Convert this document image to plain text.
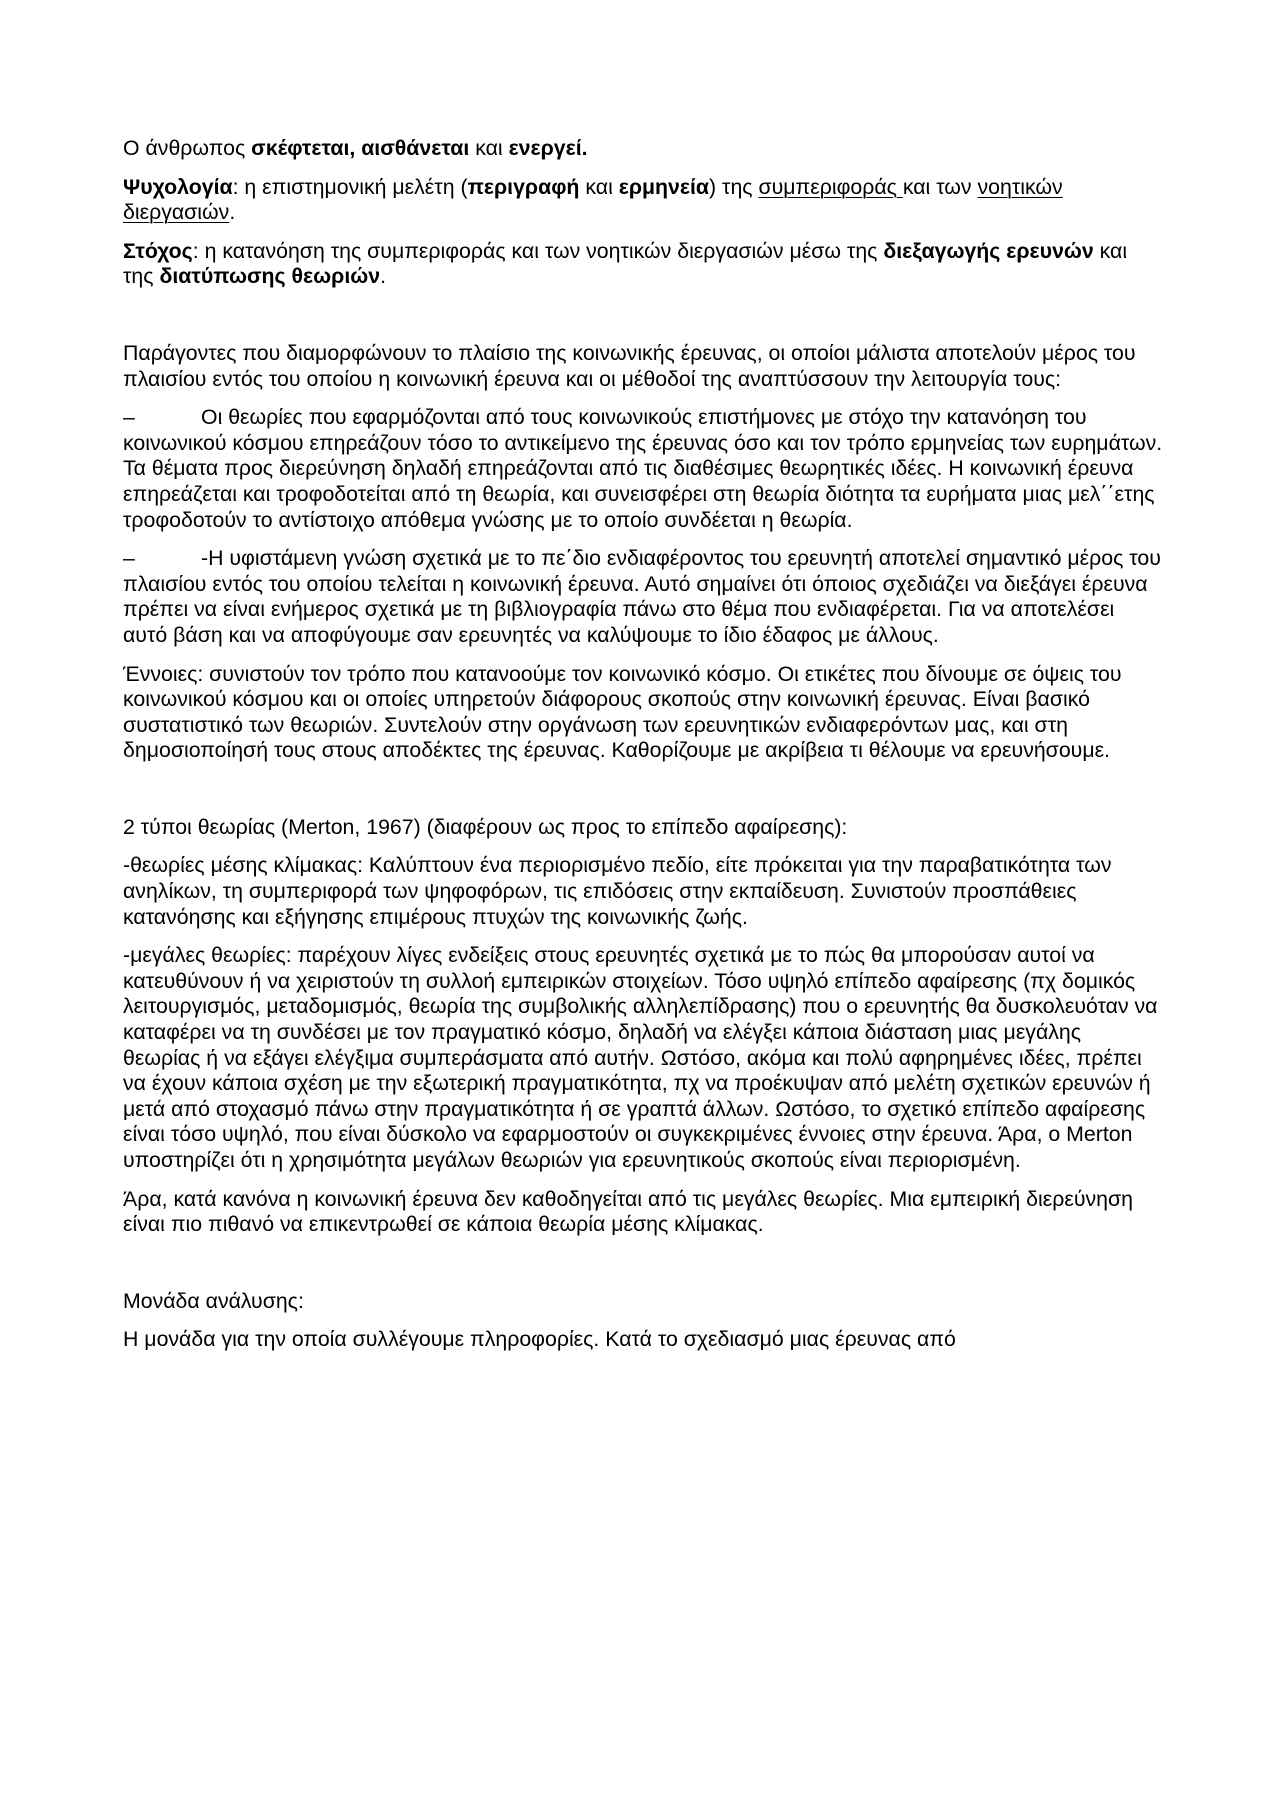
Ο άνθρωπος σκέφτεται, αισθάνεται και ενεργεί.

Ψυχολογία: η επιστημονική μελέτη (περιγραφή και ερμηνεία) της συμπεριφοράς και των νοητικών διεργασιών.

Στόχος: η κατανόηση της συμπεριφοράς και των νοητικών διεργασιών μέσω της διεξαγωγής ερευνών και της διατύπωσης θεωριών.

Παράγοντες που διαμορφώνουν το πλαίσιο της κοινωνικής έρευνας, οι οποίοι μάλιστα αποτελούν μέρος του πλαισίου εντός του οποίου η κοινωνική έρευνα και οι μέθοδοί της αναπτύσσουν την λειτουργία τους:

–	Οι θεωρίες που εφαρμόζονται από τους κοινωνικούς επιστήμονες με στόχο την κατανόηση του κοινωνικού κόσμου επηρεάζουν τόσο το αντικείμενο της έρευνας όσο και τον τρόπο ερμηνείας των ευρημάτων. Τα θέματα προς διερεύνηση δηλαδή επηρεάζονται από τις διαθέσιμες θεωρητικές ιδέες. Η κοινωνική έρευνα επηρεάζεται και τροφοδοτείται από τη θεωρία, και συνεισφέρει στη θεωρία διότητα τα ευρήματα μιας μελ΄΄ετης τροφοδοτούν το αντίστοιχο απόθεμα γνώσης με το οποίο συνδέεται η θεωρία.

–	-Η υφιστάμενη γνώση σχετικά με το πε΄διο ενδιαφέροντος του ερευνητή αποτελεί σημαντικό μέρος του πλαισίου εντός του οποίου τελείται η κοινωνική έρευνα. Αυτό σημαίνει ότι όποιος σχεδιάζει να διεξάγει έρευνα πρέπει να είναι ενήμερος σχετικά με τη βιβλιογραφία πάνω στο θέμα που ενδιαφέρεται. Για να αποτελέσει αυτό βάση και να αποφύγουμε σαν ερευνητές να καλύψουμε το ίδιο έδαφος με άλλους.

Έννοιες: συνιστούν τον τρόπο που κατανοούμε τον κοινωνικό κόσμο. Οι ετικέτες που δίνουμε σε όψεις του κοινωνικού κόσμου και οι οποίες υπηρετούν διάφορους σκοπούς στην κοινωνική έρευνας. Είναι βασικό συστατιστικό των θεωριών. Συντελούν στην οργάνωση των ερευνητικών ενδιαφερόντων μας, και στη δημοσιοποίησή τους στους αποδέκτες της έρευνας. Καθορίζουμε με ακρίβεια τι θέλουμε να ερευνήσουμε.

2 τύποι θεωρίας (Merton, 1967) (διαφέρουν ως προς το επίπεδο αφαίρεσης):

-θεωρίες μέσης κλίμακας: Καλύπτουν ένα περιορισμένο πεδίο, είτε πρόκειται για την παραβατικότητα των ανηλίκων, τη συμπεριφορά των ψηφοφόρων, τις επιδόσεις στην εκπαίδευση. Συνιστούν προσπάθειες κατανόησης και εξήγησης επιμέρους πτυχών της κοινωνικής ζωής.

-μεγάλες θεωρίες: παρέχουν λίγες ενδείξεις στους ερευνητές σχετικά με το πώς θα μπορούσαν αυτοί να κατευθύνουν ή να χειριστούν τη συλλοή εμπειρικών στοιχείων. Τόσο υψηλό επίπεδο αφαίρεσης (πχ δομικός λειτουργισμός, μεταδομισμός, θεωρία της συμβολικής αλληλεπίδρασης) που ο ερευνητής θα δυσκολευόταν να καταφέρει να τη συνδέσει με τον πραγματικό κόσμο, δηλαδή να ελέγξει κάποια διάσταση μιας μεγάλης θεωρίας ή να εξάγει ελέγξιμα συμπεράσματα από αυτήν. Ωστόσο, ακόμα και πολύ αφηρημένες ιδέες, πρέπει να έχουν κάποια σχέση με την εξωτερική πραγματικότητα, πχ να προέκυψαν από μελέτη σχετικών ερευνών ή μετά από στοχασμό πάνω στην πραγματικότητα ή σε γραπτά άλλων. Ωστόσο, το σχετικό επίπεδο αφαίρεσης είναι τόσο υψηλό, που είναι δύσκολο να εφαρμοστούν οι συγκεκριμένες έννοιες στην έρευνα. Άρα, ο Merton υποστηρίζει ότι η χρησιμότητα μεγάλων θεωριών για ερευνητικούς σκοπούς είναι περιορισμένη.

Άρα, κατά κανόνα η κοινωνική έρευνα δεν καθοδηγείται από τις μεγάλες θεωρίες. Μια εμπειρική διερεύνηση είναι πιο πιθανό να επικεντρωθεί σε κάποια θεωρία μέσης κλίμακας.

Μονάδα ανάλυσης:

Η μονάδα για την οποία συλλέγουμε πληροφορίες. Κατά το σχεδιασμό μιας έρευνας από
